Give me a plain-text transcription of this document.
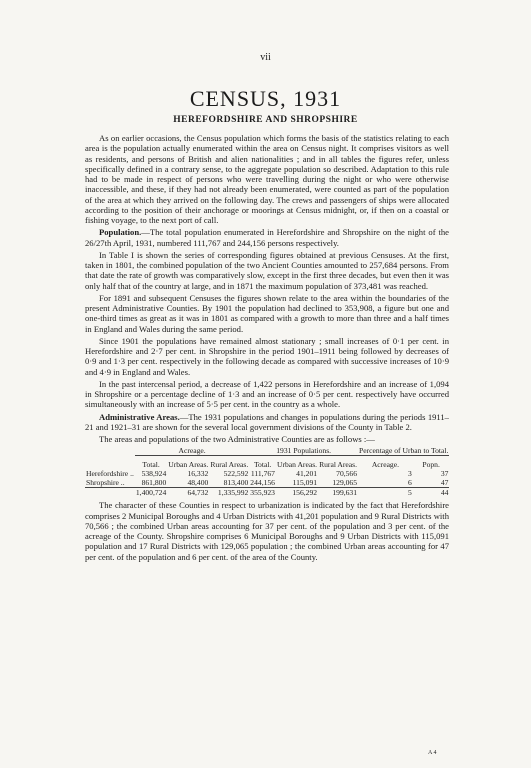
vii
CENSUS, 1931
HEREFORDSHIRE AND SHROPSHIRE

As on earlier occasions, the Census population which forms the basis of the statistics relating to each area is the population actually enumerated within the area on Census night. It comprises visitors as well as residents, and persons of British and alien nationalities ; and in all tables the figures refer, unless specifically defined in a contrary sense, to the aggregate population so described. Adaptation to this rule had to be made in respect of persons who were travelling during the night or who were otherwise inaccessible, and these, if they had not already been enumerated, were counted as part of the population of the area at which they arrived on the following day. The crews and passengers of ships were allocated according to the position of their anchorage or moorings at Census midnight, or, if then on a coastal or fishing voyage, to the next port of call.

Population.—The total population enumerated in Herefordshire and Shropshire on the night of the 26/27th April, 1931, numbered 111,767 and 244,156 persons respectively.

In Table I is shown the series of corresponding figures obtained at previous Censuses. At the first, taken in 1801, the combined population of the two Ancient Counties amounted to 257,684 persons. From that date the rate of growth was comparatively slow, except in the first three decades, but even then it was only half that of the country at large, and in 1871 the maximum population of 373,481 was reached.

For 1891 and subsequent Censuses the figures shown relate to the area within the boundaries of the present Administrative Counties. By 1901 the population had declined to 353,908, a figure but one and one-third times as great as it was in 1801 as compared with a growth to more than three and a half times in England and Wales during the same period.

Since 1901 the populations have remained almost stationary ; small increases of 0·1 per cent. in Herefordshire and 2·7 per cent. in Shropshire in the period 1901–1911 being followed by decreases of 0·9 and 1·3 per cent. respectively in the following decade as compared with successive increases of 10·9 and 4·9 in England and Wales.

In the past intercensal period, a decrease of 1,422 persons in Herefordshire and an increase of 1,094 in Shropshire or a percentage decline of 1·3 and an increase of 0·5 per cent. respectively have occurred simultaneously with an increase of 5·5 per cent. in the country as a whole.

Administrative Areas.—The 1931 populations and changes in populations during the periods 1911–21 and 1921–31 are shown for the several local government divisions of the County in Table 2.

The areas and populations of the two Administrative Counties are as follows :—

	Acreage.			1931 Populations.			Percentage of Urban to Total.	

	Total.	Urban Areas.	Rural Areas.	Total.	Urban Areas.	Rural Areas.	Acreage.	Popn.
Herefordshire ..	538,924	16,332	522,592	111,767	41,201	70,566	3	37
Shropshire ..	861,800	48,400	813,400	244,156	115,091	129,065	6	47
	1,400,724	64,732	1,335,992	355,923	156,292	199,631	5	44

The character of these Counties in respect to urbanization is indicated by the fact that Herefordshire comprises 2 Municipal Boroughs and 4 Urban Districts with 41,201 population and 9 Rural Districts with 70,566 ; the combined Urban areas accounting for 37 per cent. of the population and 3 per cent. of the acreage of the County. Shropshire comprises 6 Municipal Boroughs and 9 Urban Districts with 115,091 population and 17 Rural Districts with 129,065 population ; the combined Urban areas accounting for 47 per cent. of the population and 6 per cent. of the area of the County.

A 4
